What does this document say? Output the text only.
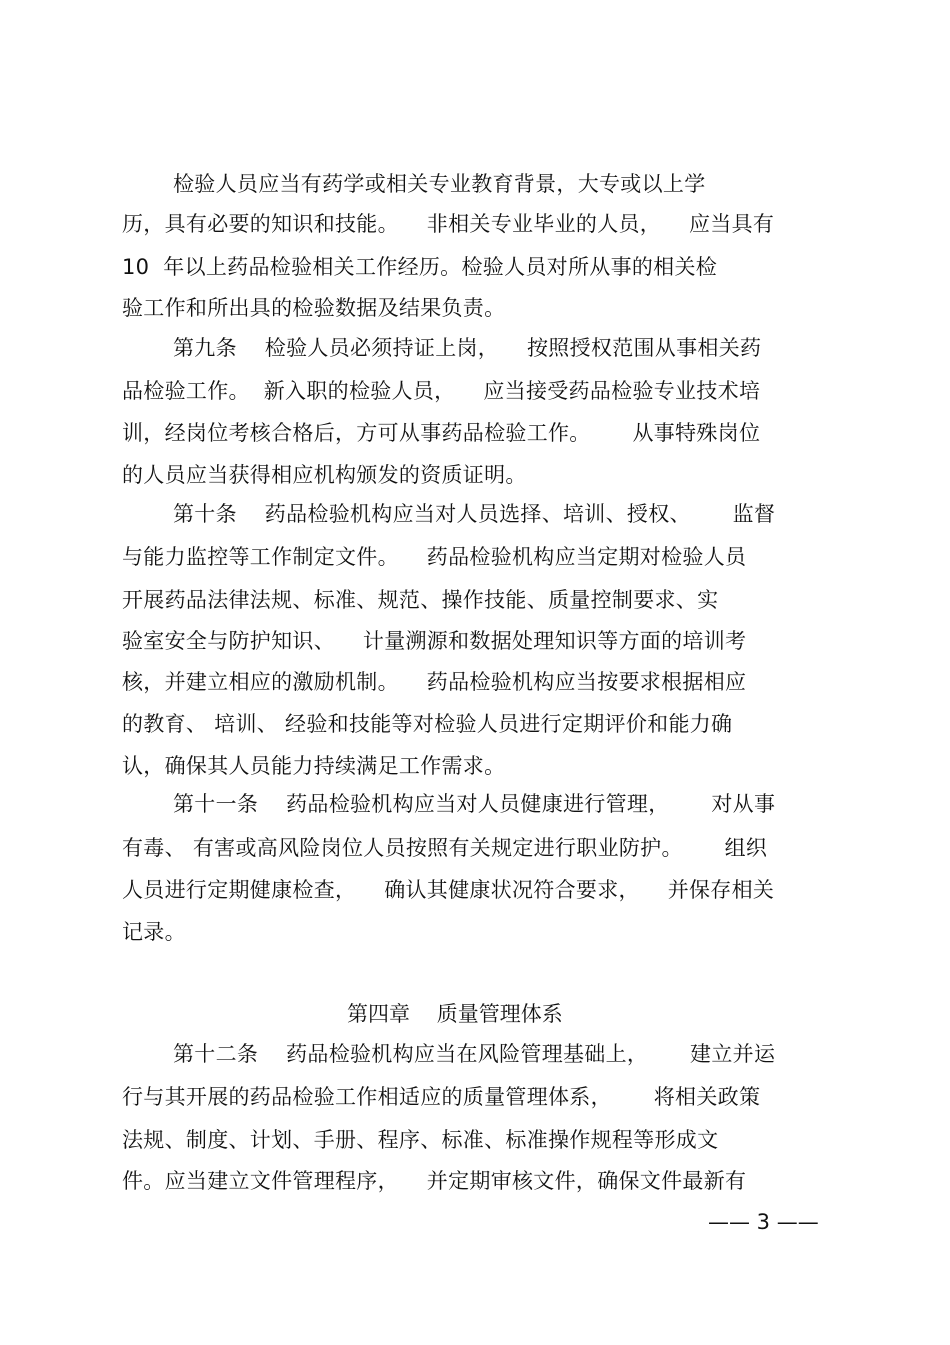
检验人员应当有药学或相关专业教育背景，大专或以上学
历，具有必要的知识和技能。    非相关专业毕业的人员，    应当具有
10  年以上药品检验相关工作经历。检验人员对所从事的相关检
验工作和所出具的检验数据及结果负责。
第九条    检验人员必须持证上岗，    按照授权范围从事相关药
品检验工作。  新入职的检验人员，    应当接受药品检验专业技术培
训，经岗位考核合格后，方可从事药品检验工作。      从事特殊岗位
的人员应当获得相应机构颁发的资质证明。
第十条    药品检验机构应当对人员选择、培训、授权、      监督
与能力监控等工作制定文件。    药品检验机构应当定期对检验人员
开展药品法律法规、标准、规范、操作技能、质量控制要求、实
验室安全与防护知识、    计量溯源和数据处理知识等方面的培训考
核，并建立相应的激励机制。    药品检验机构应当按要求根据相应
的教育、 培训、 经验和技能等对检验人员进行定期评价和能力确
认，确保其人员能力持续满足工作需求。
第十一条    药品检验机构应当对人员健康进行管理，      对从事
有毒、 有害或高风险岗位人员按照有关规定进行职业防护。      组织
人员进行定期健康检查，    确认其健康状况符合要求，    并保存相关
记录。
第四章    质量管理体系
第十二条    药品检验机构应当在风险管理基础上，      建立并运
行与其开展的药品检验工作相适应的质量管理体系，      将相关政策
法规、制度、计划、手册、程序、标准、标准操作规程等形成文
件。应当建立文件管理程序，    并定期审核文件，确保文件最新有
—— 3 ——
